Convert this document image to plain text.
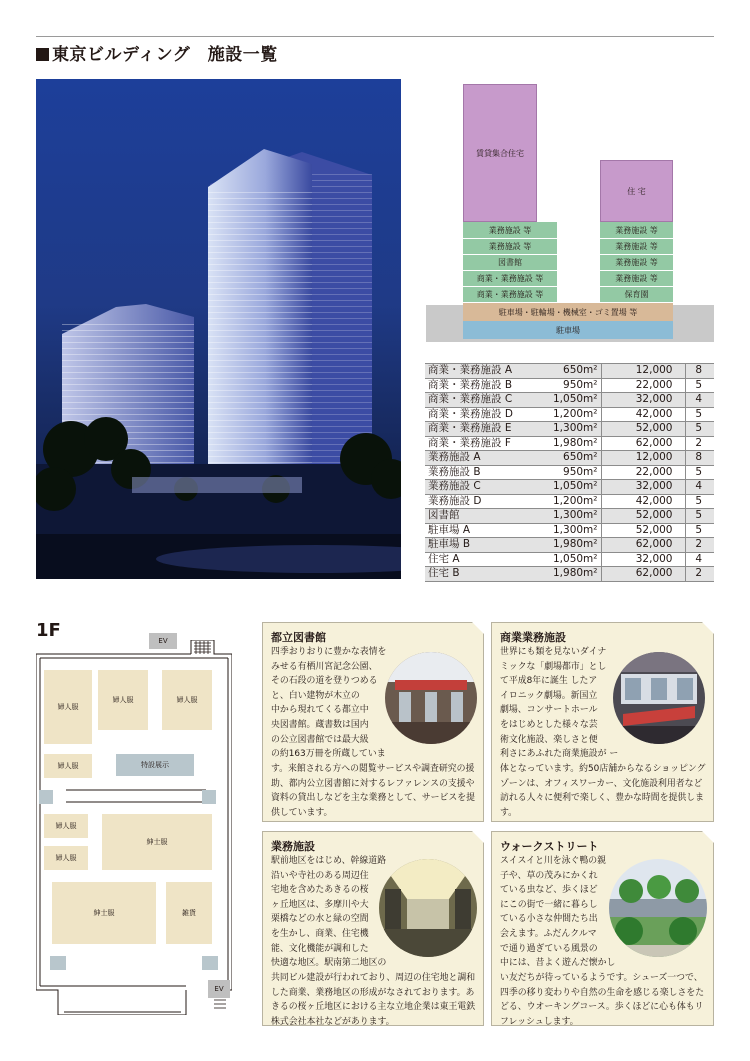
東京ビルディング　施設一覧
賃貸集合住宅
住 宅
業務施設 等
業務施設 等
図書館
商業・業務施設 等
商業・業務施設 等
業務施設 等
業務施設 等
業務施設 等
業務施設 等
保育園
駐車場・駐輪場・機械室・ゴミ置場 等
駐車場
商業・業務施設 A	650m²	12,000	8
商業・業務施設 B	950m²	22,000	5
商業・業務施設 C	1,050m²	32,000	4
商業・業務施設 D	1,200m²	42,000	5
商業・業務施設 E	1,300m²	52,000	5
商業・業務施設 F	1,980m²	62,000	2
業務施設 A	650m²	12,000	8
業務施設 B	950m²	22,000	5
業務施設 C	1,050m²	32,000	4
業務施設 D	1,200m²	42,000	5
図書館	1,300m²	52,000	5
駐車場 A	1,300m²	52,000	5
駐車場 B	1,980m²	62,000	2
住宅 A	1,050m²	32,000	4
住宅 B	1,980m²	62,000	2
1F	EV
EV
婦人服
婦人服	婦人服
婦人服	特設展示
婦人服
婦人服
紳士服
紳士服	雑貨
都立図書館
四季おりおりに豊かな表情を
みせる有栖川宮記念公園、
その石段の道を登りつめる
と、白い建物が木立の
中から現れてくる都立中
央図書館。蔵書数は国内
の公立図書館では最大級
の約163万冊を所蔵していま
す。来館される方への閲覧サービスや調査研究の援
助、都内公立図書館に対するレファレンスの支援や
資料の貸出しなどを主な業務として、サービスを提
供しています。
商業業務施設
世界にも類を見ないダイナ
ミックな「劇場都市」とし
て平成8年に誕生 したア
イロニック劇場。新国立
劇場、コンサートホール
をはじめとした様々な芸
術文化施設、楽しさと便
利さにあふれた商業施設が ー
体となっています。約50店舗からなるショッピング
ゾーンは、オフィスワーカー、文化施設利用者など
訪れる人々に便利で楽しく、豊かな時間を提供しま
す。
業務施設
駅前地区をはじめ、幹線道路
沿いや寺社のある周辺住
宅地を含めたあきるの桜
ヶ丘地区は、多摩川や大
栗橋などの水と緑の空間
を生かし、商業、住宅機
能、文化機能が調和した
快適な地区。駅南第二地区の
共同ビル建設が行われており、周辺の住宅地と調和
した商業、業務地区の形成がなされております。あ
きるの桜ヶ丘地区における主な立地企業は東王電鉄
株式会社本社などがあります。
ウォークストリート
スイスイと川を泳ぐ鴨の親
子や、草の茂みにかくれ
ている虫など、歩くほど
にこの街で一緒に暮らし
ている小さな仲間たち出
会えます。ふだんクルマ
で通り過ぎている風景の
中には、昔よく遊んだ懐かし
い友だちが待っているようです。シューズ一つで、
四季の移り変わりや自然の生命を感じる楽しさをた
どる、ウオーキングコース。歩くほどに心も体もリ
フレッシュします。
